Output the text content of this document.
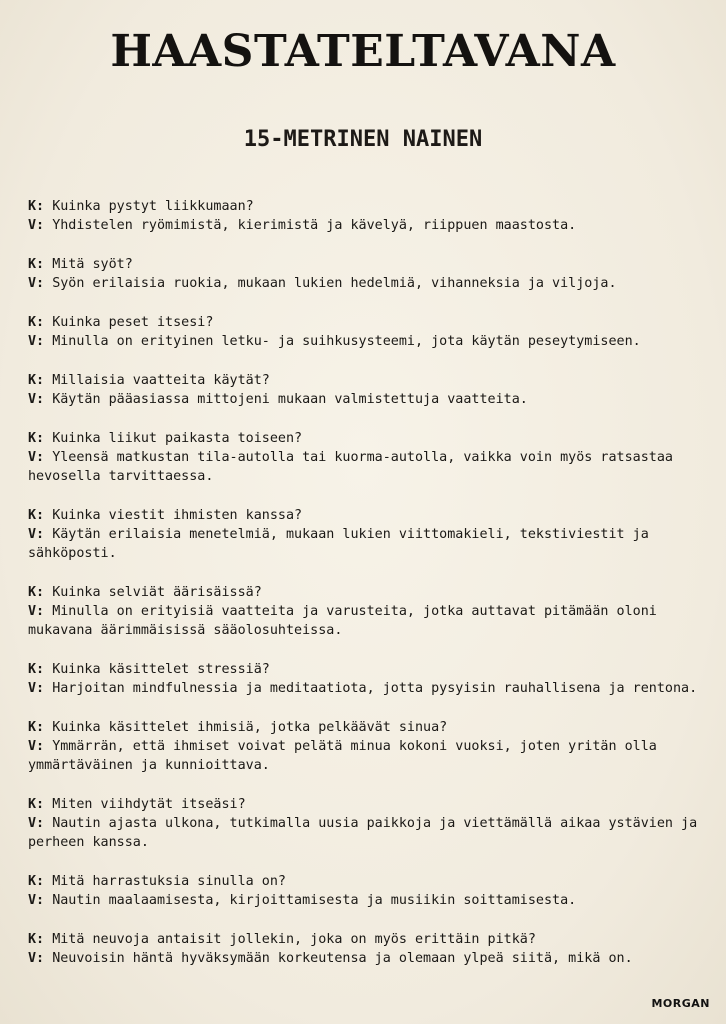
HAASTATELTAVANA
15-METRINEN NAINEN
K: Kuinka pystyt liikkumaan?
V: Yhdistelen ryömimistä, kierimistä ja kävelyä, riippuen maastosta.
K: Mitä syöt?
V: Syön erilaisia ruokia, mukaan lukien hedelmiä, vihanneksia ja viljoja.
K: Kuinka peset itsesi?
V: Minulla on erityinen letku- ja suihkusysteemi, jota käytän peseytymiseen.
K: Millaisia vaatteita käytät?
V: Käytän pääasiassa mittojeni mukaan valmistettuja vaatteita.
K: Kuinka liikut paikasta toiseen?
V: Yleensä matkustan tila-autolla tai kuorma-autolla, vaikka voin myös ratsastaa hevosella tarvittaessa.
K: Kuinka viestit ihmisten kanssa?
V: Käytän erilaisia menetelmiä, mukaan lukien viittomakieli, tekstiviestit ja sähköposti.
K: Kuinka selviät äärisäissä?
V: Minulla on erityisiä vaatteita ja varusteita, jotka auttavat pitämään oloni mukavana äärimmäisissä sääolosuhteissa.
K: Kuinka käsittelet stressiä?
V: Harjoitan mindfulnessia ja meditaatiota, jotta pysyisin rauhallisena ja rentona.
K: Kuinka käsittelet ihmisiä, jotka pelkäävät sinua?
V: Ymmärrän, että ihmiset voivat pelätä minua kokoni vuoksi, joten yritän olla ymmärtäväinen ja kunnioittava.
K: Miten viihdytät itseäsi?
V: Nautin ajasta ulkona, tutkimalla uusia paikkoja ja viettämällä aikaa ystävien ja perheen kanssa.
K: Mitä harrastuksia sinulla on?
V: Nautin maalaamisesta, kirjoittamisesta ja musiikin soittamisesta.
K: Mitä neuvoja antaisit jollekin, joka on myös erittäin pitkä?
V: Neuvoisin häntä hyväksymään korkeutensa ja olemaan ylpeä siitä, mikä on.
MORGAN
